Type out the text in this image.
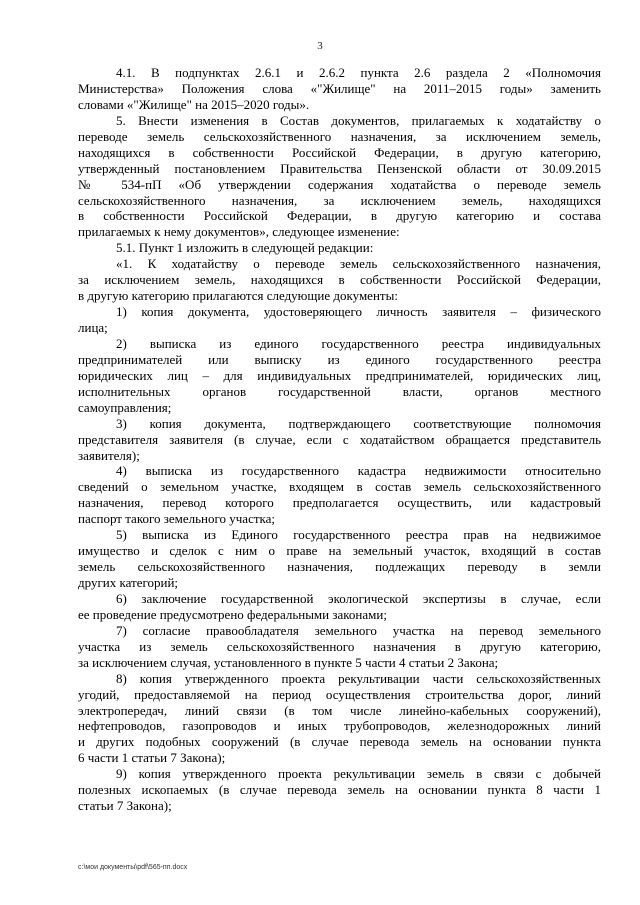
3
4.1. В подпунктах 2.6.1 и 2.6.2 пункта 2.6 раздела 2 «Полномочия
Министерства» Положения слова «"Жилище" на 2011–2015 годы» заменить
словами «"Жилище" на 2015–2020 годы».
5. Внести изменения в Состав документов, прилагаемых к ходатайству о
переводе земель сельскохозяйственного назначения, за исключением земель,
находящихся в собственности Российской Федерации, в другую категорию,
утвержденный постановлением Правительства Пензенской области от 30.09.2015
№ 534-пП «Об утверждении содержания ходатайства о переводе земель
сельскохозяйственного назначения, за исключением земель, находящихся
в собственности Российской Федерации, в другую категорию и состава
прилагаемых к нему документов», следующее изменение:
5.1. Пункт 1 изложить в следующей редакции:
«1. К ходатайству о переводе земель сельскохозяйственного назначения,
за исключением земель, находящихся в собственности Российской Федерации,
в другую категорию прилагаются следующие документы:
1) копия документа, удостоверяющего личность заявителя – физического
лица;
2) выписка из единого государственного реестра индивидуальных
предпринимателей или выписку из единого государственного реестра
юридических лиц – для индивидуальных предпринимателей, юридических лиц,
исполнительных органов государственной власти, органов местного
самоуправления;
3) копия документа, подтверждающего соответствующие полномочия
представителя заявителя (в случае, если с ходатайством обращается представитель
заявителя);
4) выписка из государственного кадастра недвижимости относительно
сведений о земельном участке, входящем в состав земель сельскохозяйственного
назначения, перевод которого предполагается осуществить, или кадастровый
паспорт такого земельного участка;
5) выписка из Единого государственного реестра прав на недвижимое
имущество и сделок с ним о праве на земельный участок, входящий в состав
земель сельскохозяйственного назначения, подлежащих переводу в земли
других категорий;
6) заключение государственной экологической экспертизы в случае, если
ее проведение предусмотрено федеральными законами;
7) согласие правообладателя земельного участка на перевод земельного
участка из земель сельскохозяйственного назначения в другую категорию,
за исключением случая, установленного в пункте 5 части 4 статьи 2 Закона;
8) копия утвержденного проекта рекультивации части сельскохозяйственных
угодий, предоставляемой на период осуществления строительства дорог, линий
электропередач, линий связи (в том числе линейно-кабельных сооружений),
нефтепроводов, газопроводов и иных трубопроводов, железнодорожных линий
и других подобных сооружений (в случае перевода земель на основании пункта
6 части 1 статьи 7 Закона);
9) копия утвержденного проекта рекультивации земель в связи с добычей
полезных ископаемых (в случае перевода земель на основании пункта 8 части 1
статьи 7 Закона);
c:\мои документы\pdf\565-пп.docx
